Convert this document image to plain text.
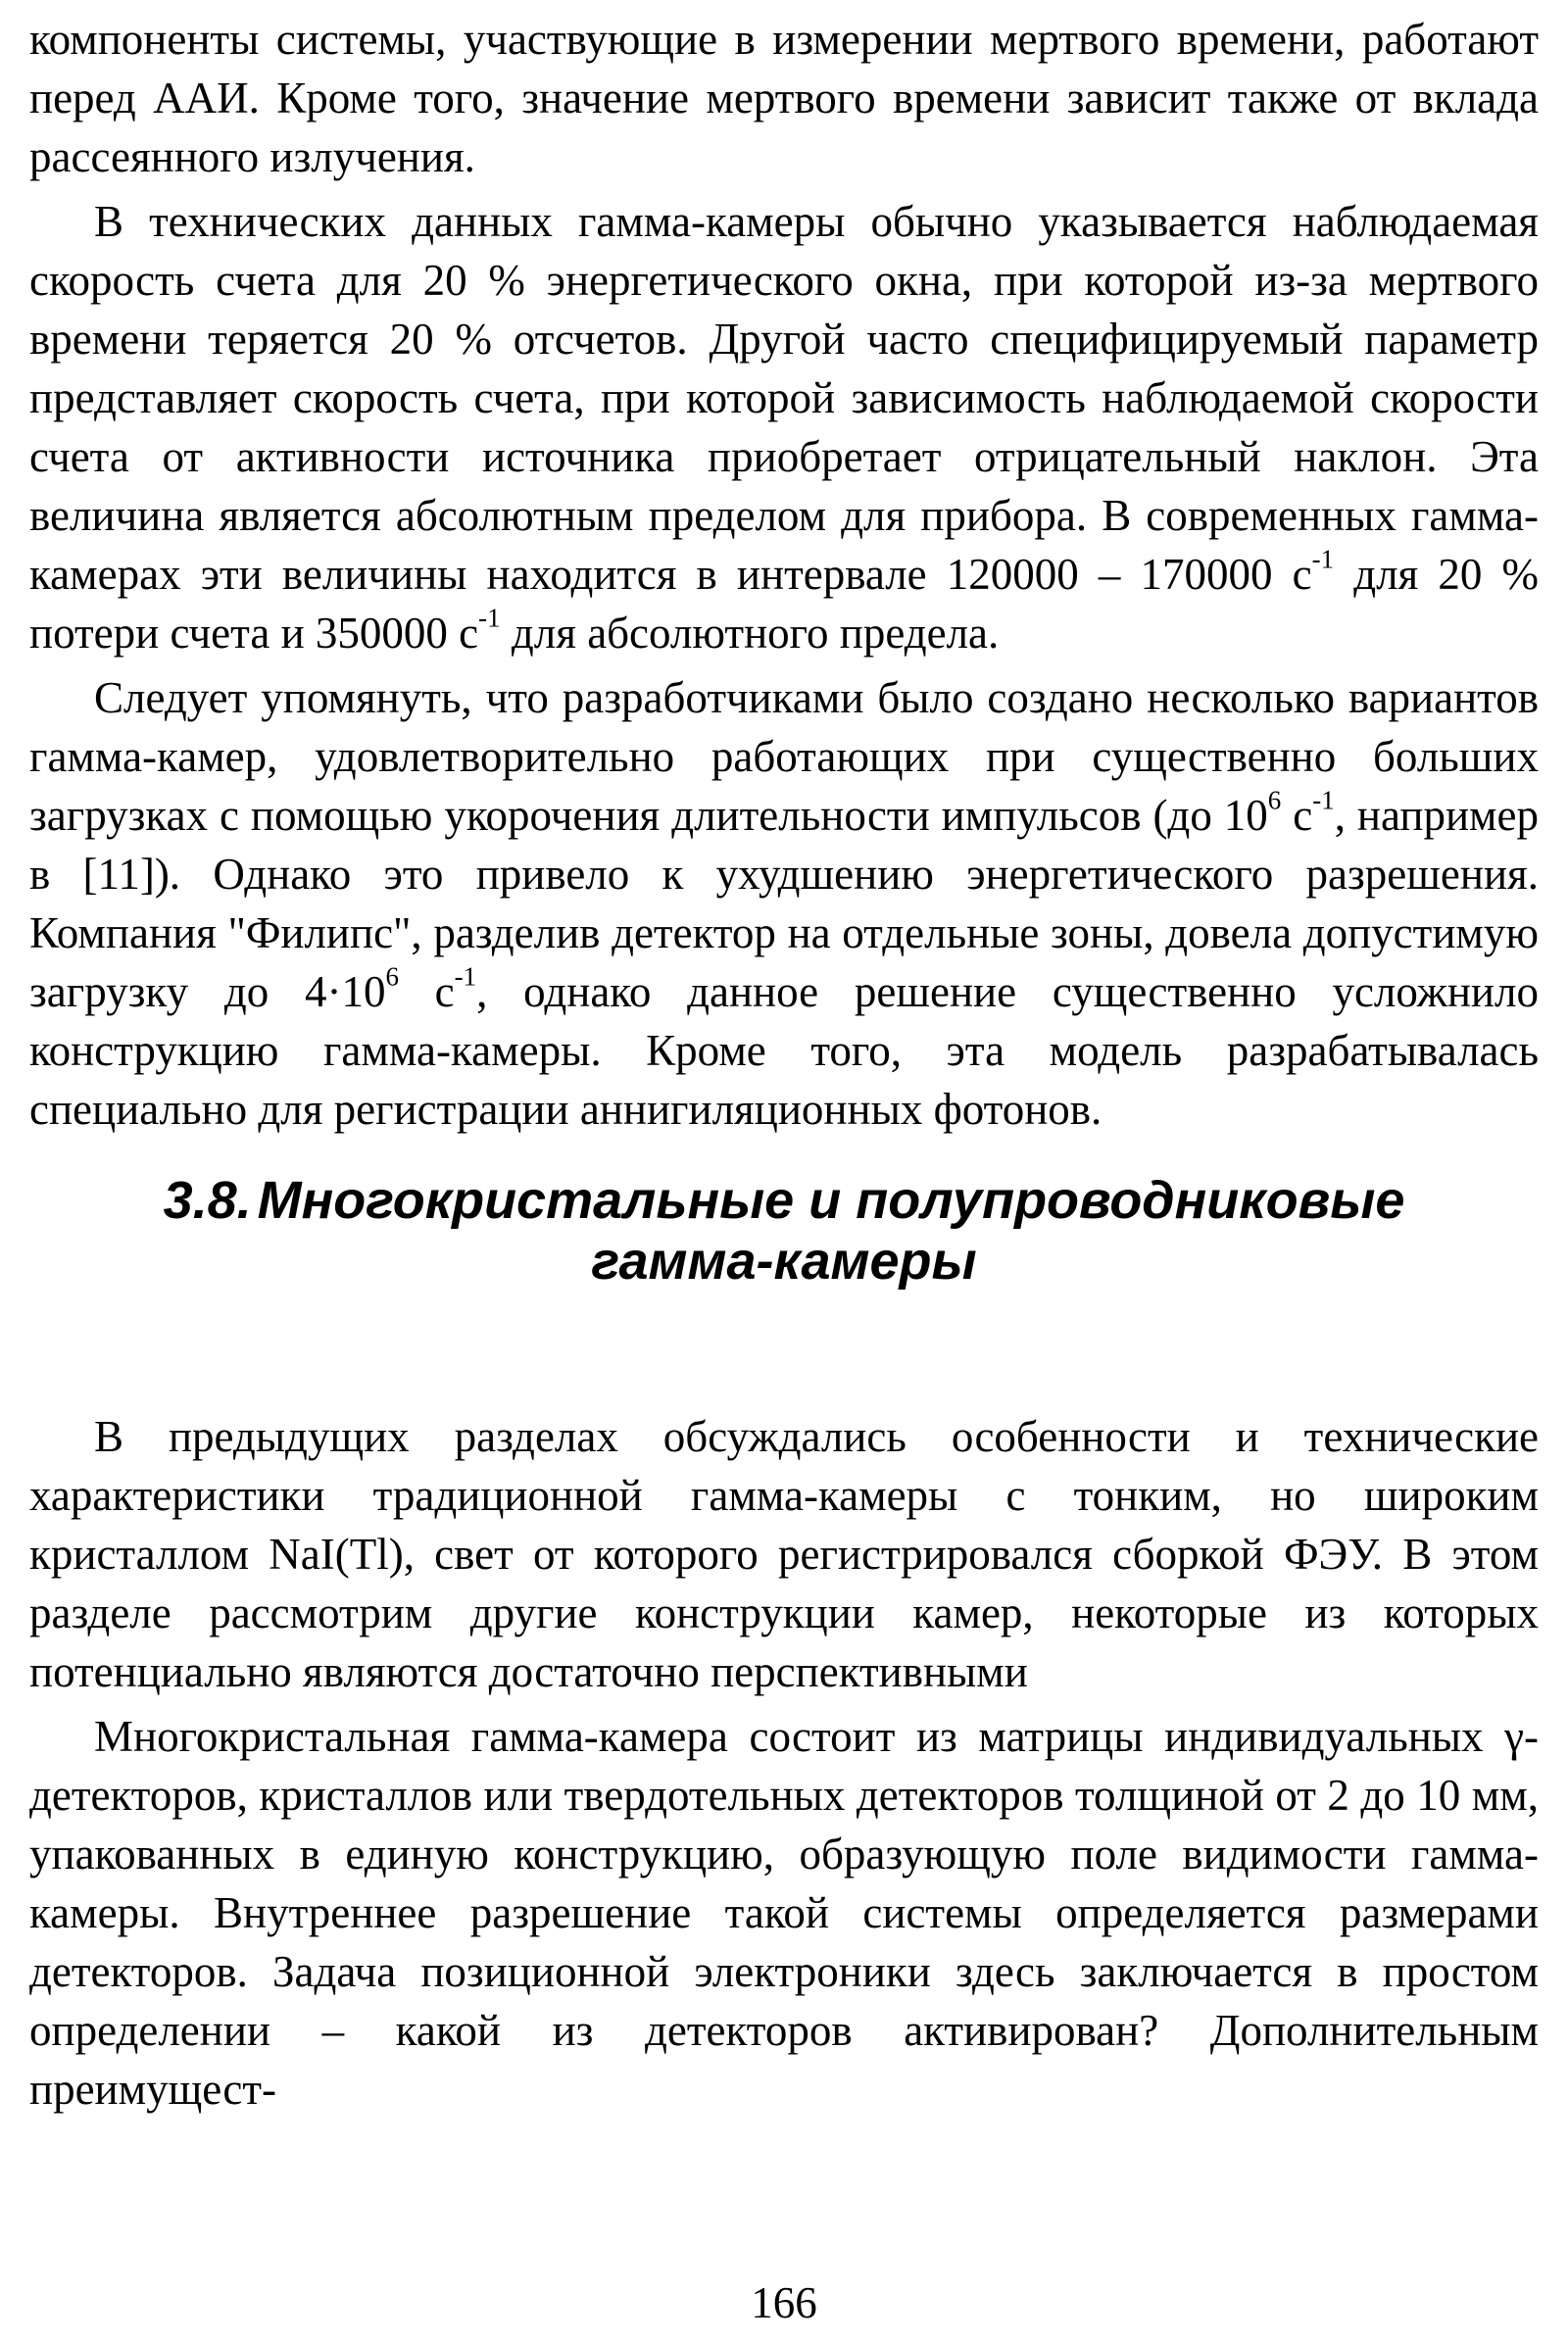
компоненты системы, участвующие в измерении мертвого времени, работают перед ААИ. Кроме того, значение мертвого времени зависит также от вклада рассеянного излучения.

В технических данных гамма-камеры обычно указывается наблюдаемая скорость счета для 20 % энергетического окна, при которой из-за мертвого времени теряется 20 % отсчетов. Другой часто специфицируемый параметр представляет скорость счета, при которой зависимость наблюдаемой скорости счета от активности источника приобретает отрицательный наклон. Эта величина является абсолютным пределом для прибора. В современных гамма-камерах эти величины находится в интервале 120000 – 170000 $с^{-1}$ для 20 % потери счета и 350000 $с^{-1}$ для абсолютного предела.

Следует упомянуть, что разработчиками было создано несколько вариантов гамма-камер, удовлетворительно работающих при существенно больших загрузках с помощью укорочения длительности импульсов (до $10^6$ $с^{-1}$, например в [11]). Однако это привело к ухудшению энергетического разрешения. Компания "Филипс", разделив детектор на отдельные зоны, довела допустимую загрузку до $4\cdot 10^6$ $с^{-1}$, однако данное решение существенно усложнило конструкцию гамма-камеры. Кроме того, эта модель разрабатывалась специально для регистрации аннигиляционных фотонов.

3.8. Многокристальные и полупроводниковые
гамма-камеры

В предыдущих разделах обсуждались особенности и технические характеристики традиционной гамма-камеры с тонким, но широким кристаллом NaI(Tl), свет от которого регистрировался сборкой ФЭУ. В этом разделе рассмотрим другие конструкции камер, некоторые из которых потенциально являются достаточно перспективными

Многокристальная гамма-камера состоит из матрицы индивидуальных γ-детекторов, кристаллов или твердотельных детекторов толщиной от 2 до 10 мм, упакованных в единую конструкцию, образующую поле видимости гамма-камеры. Внутреннее разрешение такой системы определяется размерами детекторов. Задача позиционной электроники здесь заключается в простом определении – какой из детекторов активирован? Дополнительным преимущест-

166
